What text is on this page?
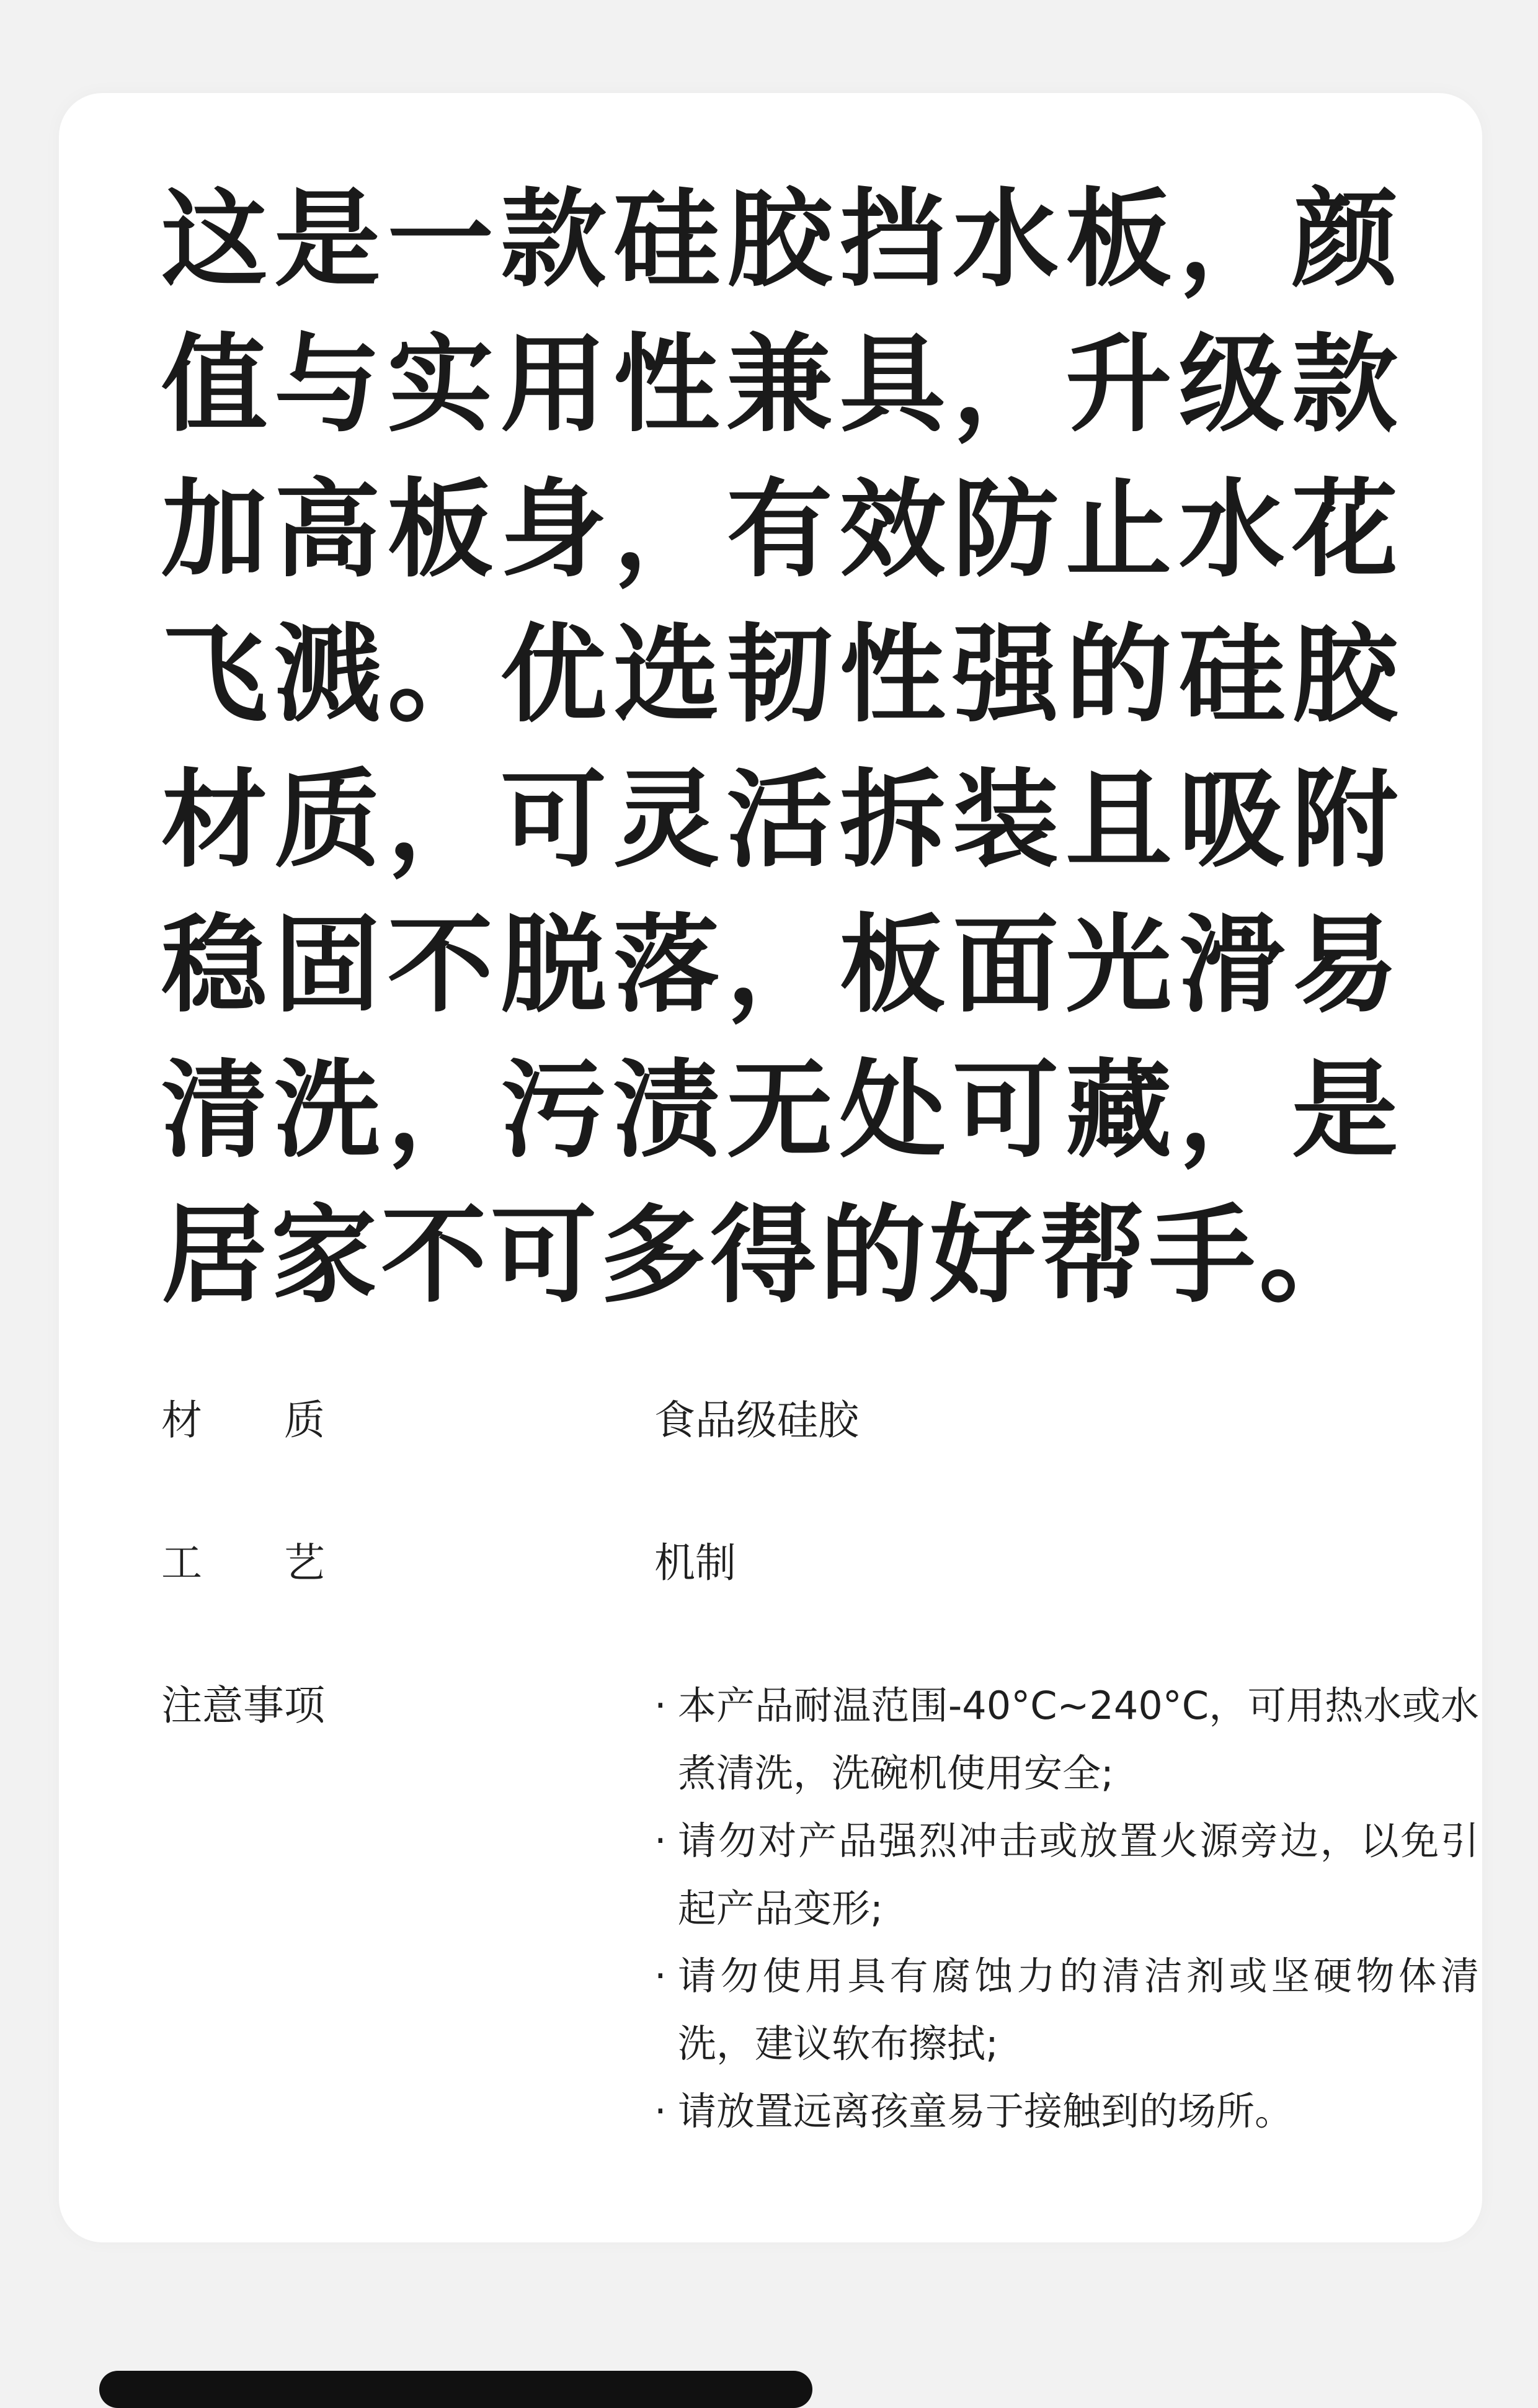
这是一款硅胶挡水板，颜值与实用性兼具，升级款加高板身，有效防止水花飞溅。优选韧性强的硅胶材质，可灵活拆装且吸附稳固不脱落，板面光滑易清洗，污渍无处可藏，是居家不可多得的好帮手。

材　　质	食品级硅胶
工　　艺	机制
注意事项	· 本产品耐温范围-40°C~240°C，可用热水或水煮清洗，洗碗机使用安全;
· 请勿对产品强烈冲击或放置火源旁边，以免引起产品变形;
· 请勿使用具有腐蚀力的清洁剂或坚硬物体清洗，建议软布擦拭;
· 请放置远离孩童易于接触到的场所。
